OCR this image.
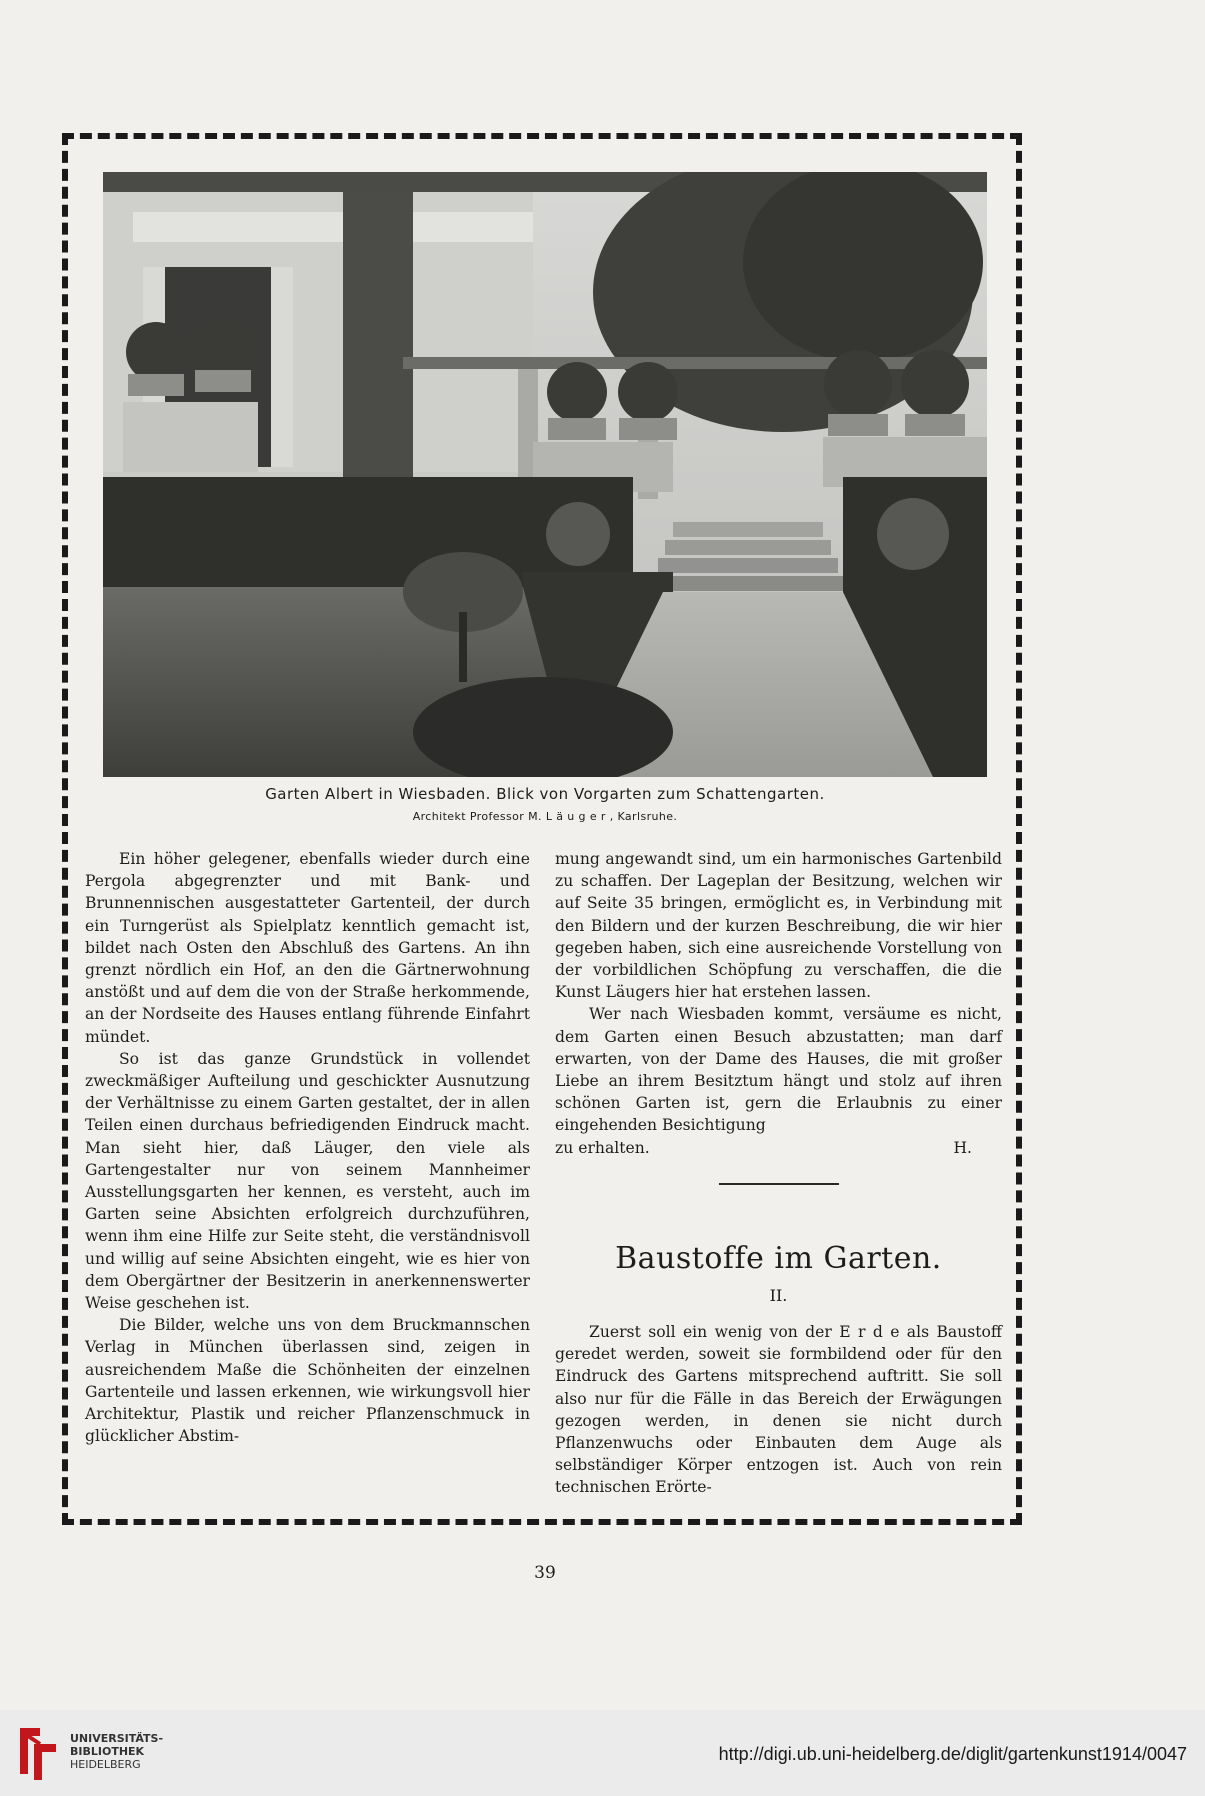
Garten Albert in Wiesbaden. Blick von Vorgarten zum Schattengarten.
Architekt Professor M. L ä u g e r , Karlsruhe.

Ein höher gelegener, ebenfalls wieder durch eine Pergola abgegrenzter und mit Bank- und Brunnennischen ausgestatteter Gartenteil, der durch ein Turngerüst als Spielplatz kenntlich gemacht ist, bildet nach Osten den Abschluß des Gartens. An ihn grenzt nördlich ein Hof, an den die Gärtnerwohnung anstößt und auf dem die von der Straße herkommende, an der Nordseite des Hauses entlang führende Einfahrt mündet.

So ist das ganze Grundstück in vollendet zweckmäßiger Aufteilung und geschickter Ausnutzung der Verhältnisse zu einem Garten gestaltet, der in allen Teilen einen durchaus befriedigenden Eindruck macht. Man sieht hier, daß Läuger, den viele als Gartengestalter nur von seinem Mannheimer Ausstellungsgarten her kennen, es versteht, auch im Garten seine Absichten erfolgreich durchzuführen, wenn ihm eine Hilfe zur Seite steht, die verständnisvoll und willig auf seine Absichten eingeht, wie es hier von dem Obergärtner der Besitzerin in anerkennenswerter Weise geschehen ist.

Die Bilder, welche uns von dem Bruckmannschen Verlag in München überlassen sind, zeigen in ausreichendem Maße die Schönheiten der einzelnen Gartenteile und lassen erkennen, wie wirkungsvoll hier Architektur, Plastik und reicher Pflanzenschmuck in glücklicher Abstim-

mung angewandt sind, um ein harmonisches Gartenbild zu schaffen. Der Lageplan der Besitzung, welchen wir auf Seite 35 bringen, ermöglicht es, in Verbindung mit den Bildern und der kurzen Beschreibung, die wir hier gegeben haben, sich eine ausreichende Vorstellung von der vorbildlichen Schöpfung zu verschaffen, die die Kunst Läugers hier hat erstehen lassen.

Wer nach Wiesbaden kommt, versäume es nicht, dem Garten einen Besuch abzustatten; man darf erwarten, von der Dame des Hauses, die mit großer Liebe an ihrem Besitztum hängt und stolz auf ihren schönen Garten ist, gern die Erlaubnis zu einer eingehenden Besichtigung

zu erhalten.	H.
Baustoffe im Garten.
II.

Zuerst soll ein wenig von der E r d e als Baustoff geredet werden, soweit sie formbildend oder für den Eindruck des Gartens mitsprechend auftritt. Sie soll also nur für die Fälle in das Bereich der Erwägungen gezogen werden, in denen sie nicht durch Pflanzenwuchs oder Einbauten dem Auge als selbständiger Körper entzogen ist. Auch von rein technischen Erörte-

39
UNIVERSITÄTS-
BIBLIOTHEK
HEIDELBERG
http://digi.ub.uni-heidelberg.de/diglit/gartenkunst1914/0047
